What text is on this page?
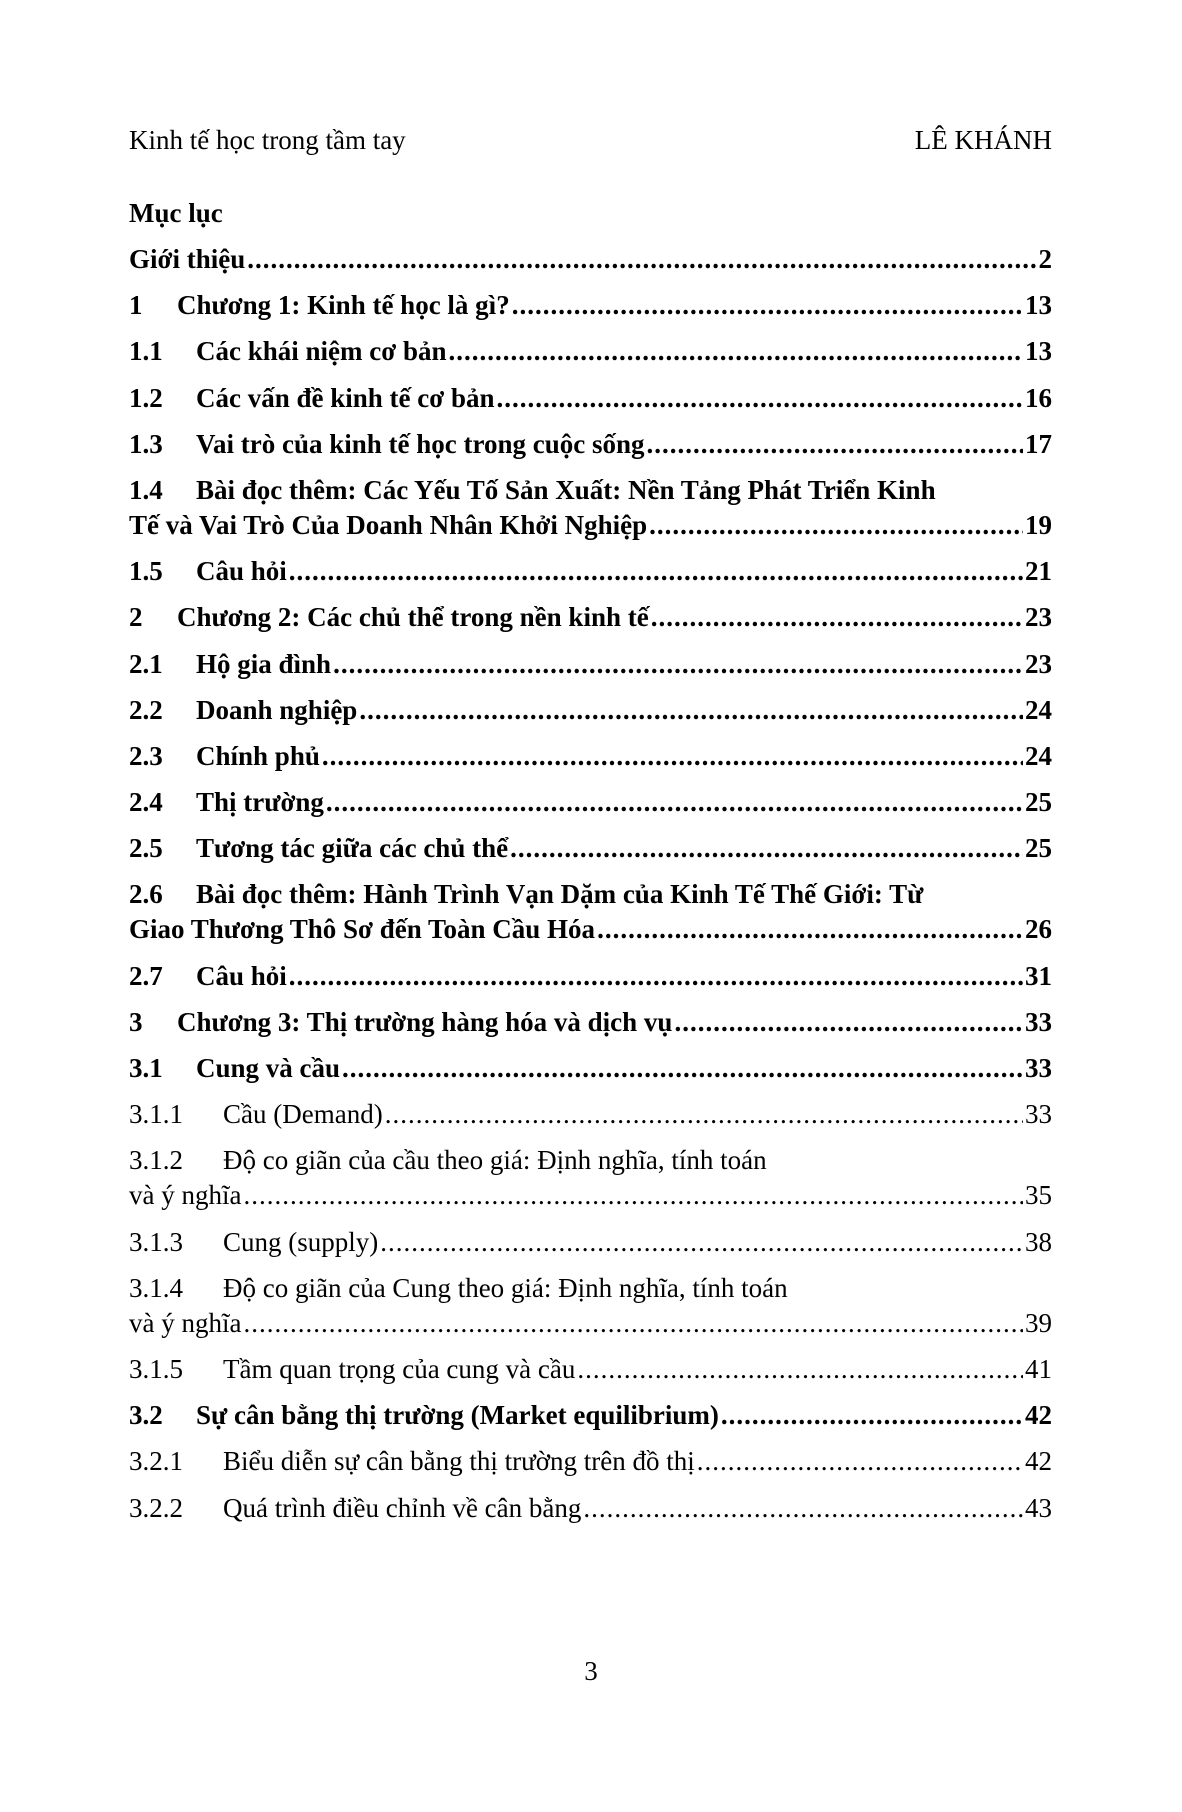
Kinh tế học trong tầm tay	LÊ KHÁNH
Mục lục
Giới thiệu .....	2
1	Chương 1: Kinh tế học là gì? .....	13
1.1	Các khái niệm cơ bản .....	13
1.2	Các vấn đề kinh tế cơ bản .....	16
1.3	Vai trò của kinh tế học trong cuộc sống .....	17
1.4	Bài đọc thêm: Các Yếu Tố Sản Xuất: Nền Tảng Phát Triển Kinh
Tế và Vai Trò Của Doanh Nhân Khởi Nghiệp .....	19
1.5	Câu hỏi .....	21
2	Chương 2: Các chủ thể trong nền kinh tế .....	23
2.1	Hộ gia đình .....	23
2.2	Doanh nghiệp .....	24
2.3	Chính phủ .....	24
2.4	Thị trường .....	25
2.5	Tương tác giữa các chủ thể .....	25
2.6	Bài đọc thêm: Hành Trình Vạn Dặm của Kinh Tế Thế Giới: Từ
Giao Thương Thô Sơ đến Toàn Cầu Hóa .....	26
2.7	Câu hỏi .....	31
3	Chương 3: Thị trường hàng hóa và dịch vụ .....	33
3.1	Cung và cầu .....	33
3.1.1	Cầu (Demand) .....	33
3.1.2	Độ co giãn của cầu theo giá: Định nghĩa, tính toán
và ý nghĩa .....	35
3.1.3	Cung (supply) .....	38
3.1.4	Độ co giãn của Cung theo giá: Định nghĩa, tính toán
và ý nghĩa .....	39
3.1.5	Tầm quan trọng của cung và cầu .....	41
3.2	Sự cân bằng thị trường (Market equilibrium) .....	42
3.2.1	Biểu diễn sự cân bằng thị trường trên đồ thị .....	42
3.2.2	Quá trình điều chỉnh về cân bằng .....	43
3
